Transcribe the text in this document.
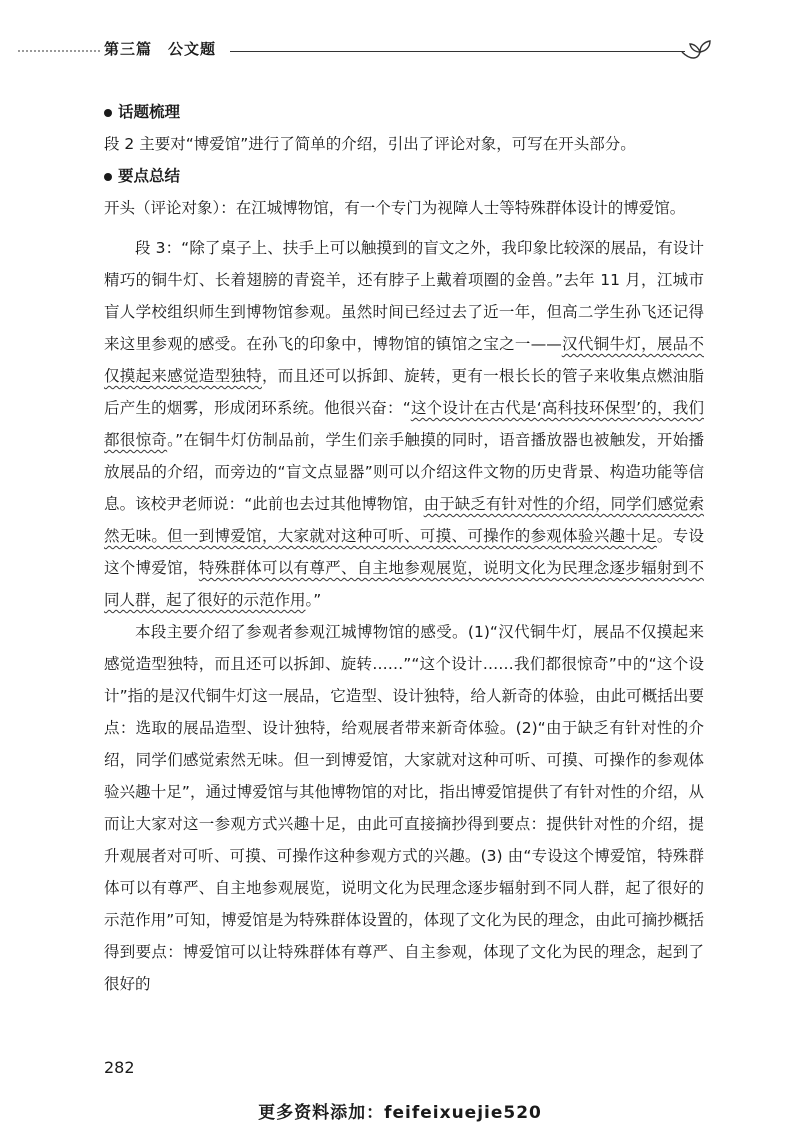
第三篇 公文题

话题梳理

段 2 主要对“博爱馆”进行了简单的介绍，引出了评论对象，可写在开头部分。

要点总结

开头（评论对象）：在江城博物馆，有一个专门为视障人士等特殊群体设计的博爱馆。

段 3：“除了桌子上、扶手上可以触摸到的盲文之外，我印象比较深的展品，有设计精巧的铜牛灯、长着翅膀的青瓷羊，还有脖子上戴着项圈的金兽。”去年 11 月，江城市盲人学校组织师生到博物馆参观。虽然时间已经过去了近一年，但高二学生孙飞还记得来这里参观的感受。在孙飞的印象中，博物馆的镇馆之宝之一——汉代铜牛灯，展品不仅摸起来感觉造型独特，而且还可以拆卸、旋转，更有一根长长的管子来收集点燃油脂后产生的烟雾，形成闭环系统。他很兴奋：“这个设计在古代是‘高科技环保型’的，我们都很惊奇。”在铜牛灯仿制品前，学生们亲手触摸的同时，语音播放器也被触发，开始播放展品的介绍，而旁边的“盲文点显器”则可以介绍这件文物的历史背景、构造功能等信息。该校尹老师说：“此前也去过其他博物馆，由于缺乏有针对性的介绍，同学们感觉索然无味。但一到博爱馆，大家就对这种可听、可摸、可操作的参观体验兴趣十足。专设这个博爱馆，特殊群体可以有尊严、自主地参观展览，说明文化为民理念逐步辐射到不同人群，起了很好的示范作用。”

本段主要介绍了参观者参观江城博物馆的感受。(1)“汉代铜牛灯，展品不仅摸起来感觉造型独特，而且还可以拆卸、旋转……”“这个设计……我们都很惊奇”中的“这个设计”指的是汉代铜牛灯这一展品，它造型、设计独特，给人新奇的体验，由此可概括出要点：选取的展品造型、设计独特，给观展者带来新奇体验。(2)“由于缺乏有针对性的介绍，同学们感觉索然无味。但一到博爱馆，大家就对这种可听、可摸、可操作的参观体验兴趣十足”，通过博爱馆与其他博物馆的对比，指出博爱馆提供了有针对性的介绍，从而让大家对这一参观方式兴趣十足，由此可直接摘抄得到要点：提供针对性的介绍，提升观展者对可听、可摸、可操作这种参观方式的兴趣。(3) 由“专设这个博爱馆，特殊群体可以有尊严、自主地参观展览，说明文化为民理念逐步辐射到不同人群，起了很好的示范作用”可知，博爱馆是为特殊群体设置的，体现了文化为民的理念，由此可摘抄概括得到要点：博爱馆可以让特殊群体有尊严、自主参观，体现了文化为民的理念，起到了很好的

282
更多资料添加：feifeixuejie520
